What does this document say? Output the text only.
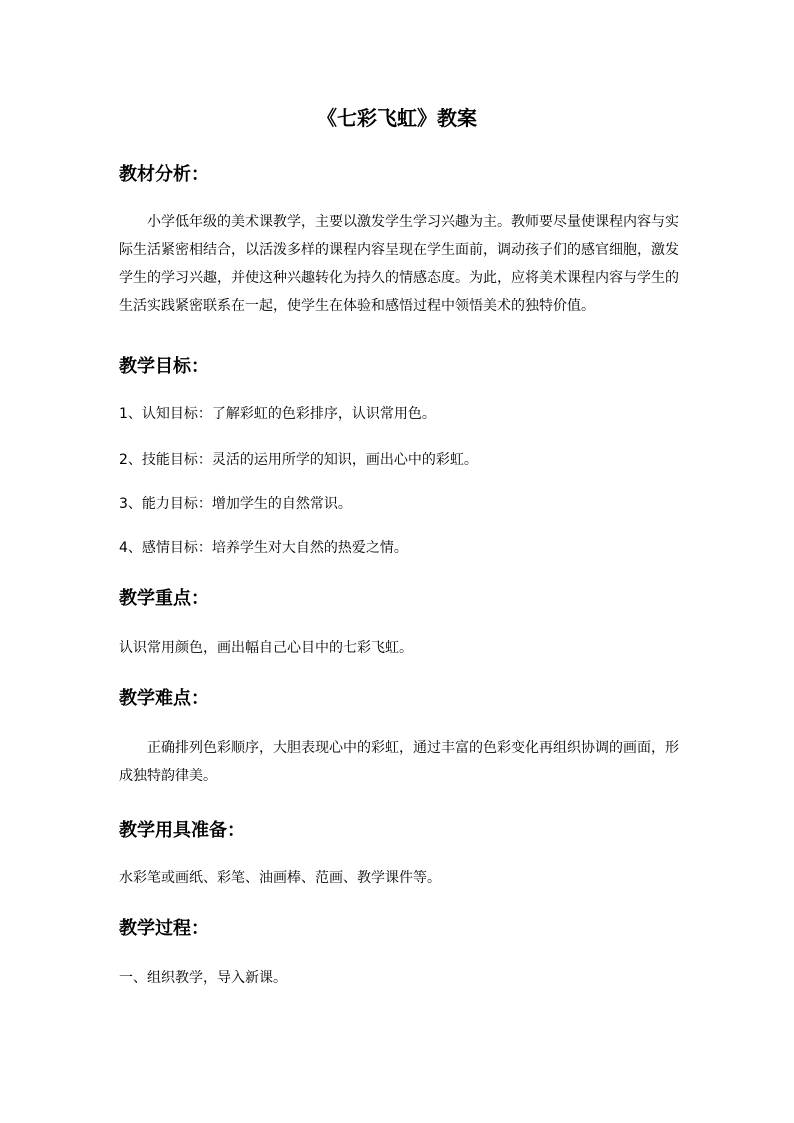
《七彩飞虹》教案
教材分析：

小学低年级的美术课教学，主要以激发学生学习兴趣为主。教师要尽量使课程内容与实际生活紧密相结合，以活泼多样的课程内容呈现在学生面前，调动孩子们的感官细胞，激发学生的学习兴趣，并使这种兴趣转化为持久的情感态度。为此，应将美术课程内容与学生的生活实践紧密联系在一起，使学生在体验和感悟过程中领悟美术的独特价值。

教学目标：

1、认知目标：了解彩虹的色彩排序，认识常用色。

2、技能目标：灵活的运用所学的知识，画出心中的彩虹。

3、能力目标：增加学生的自然常识。

4、感情目标：培养学生对大自然的热爱之情。

教学重点：

认识常用颜色，画出幅自己心目中的七彩飞虹。

教学难点：

正确排列色彩顺序，大胆表现心中的彩虹，通过丰富的色彩变化再组织协调的画面，形成独特韵律美。

教学用具准备：

水彩笔或画纸、彩笔、油画棒、范画、教学课件等。

教学过程：

一、组织教学，导入新课。
